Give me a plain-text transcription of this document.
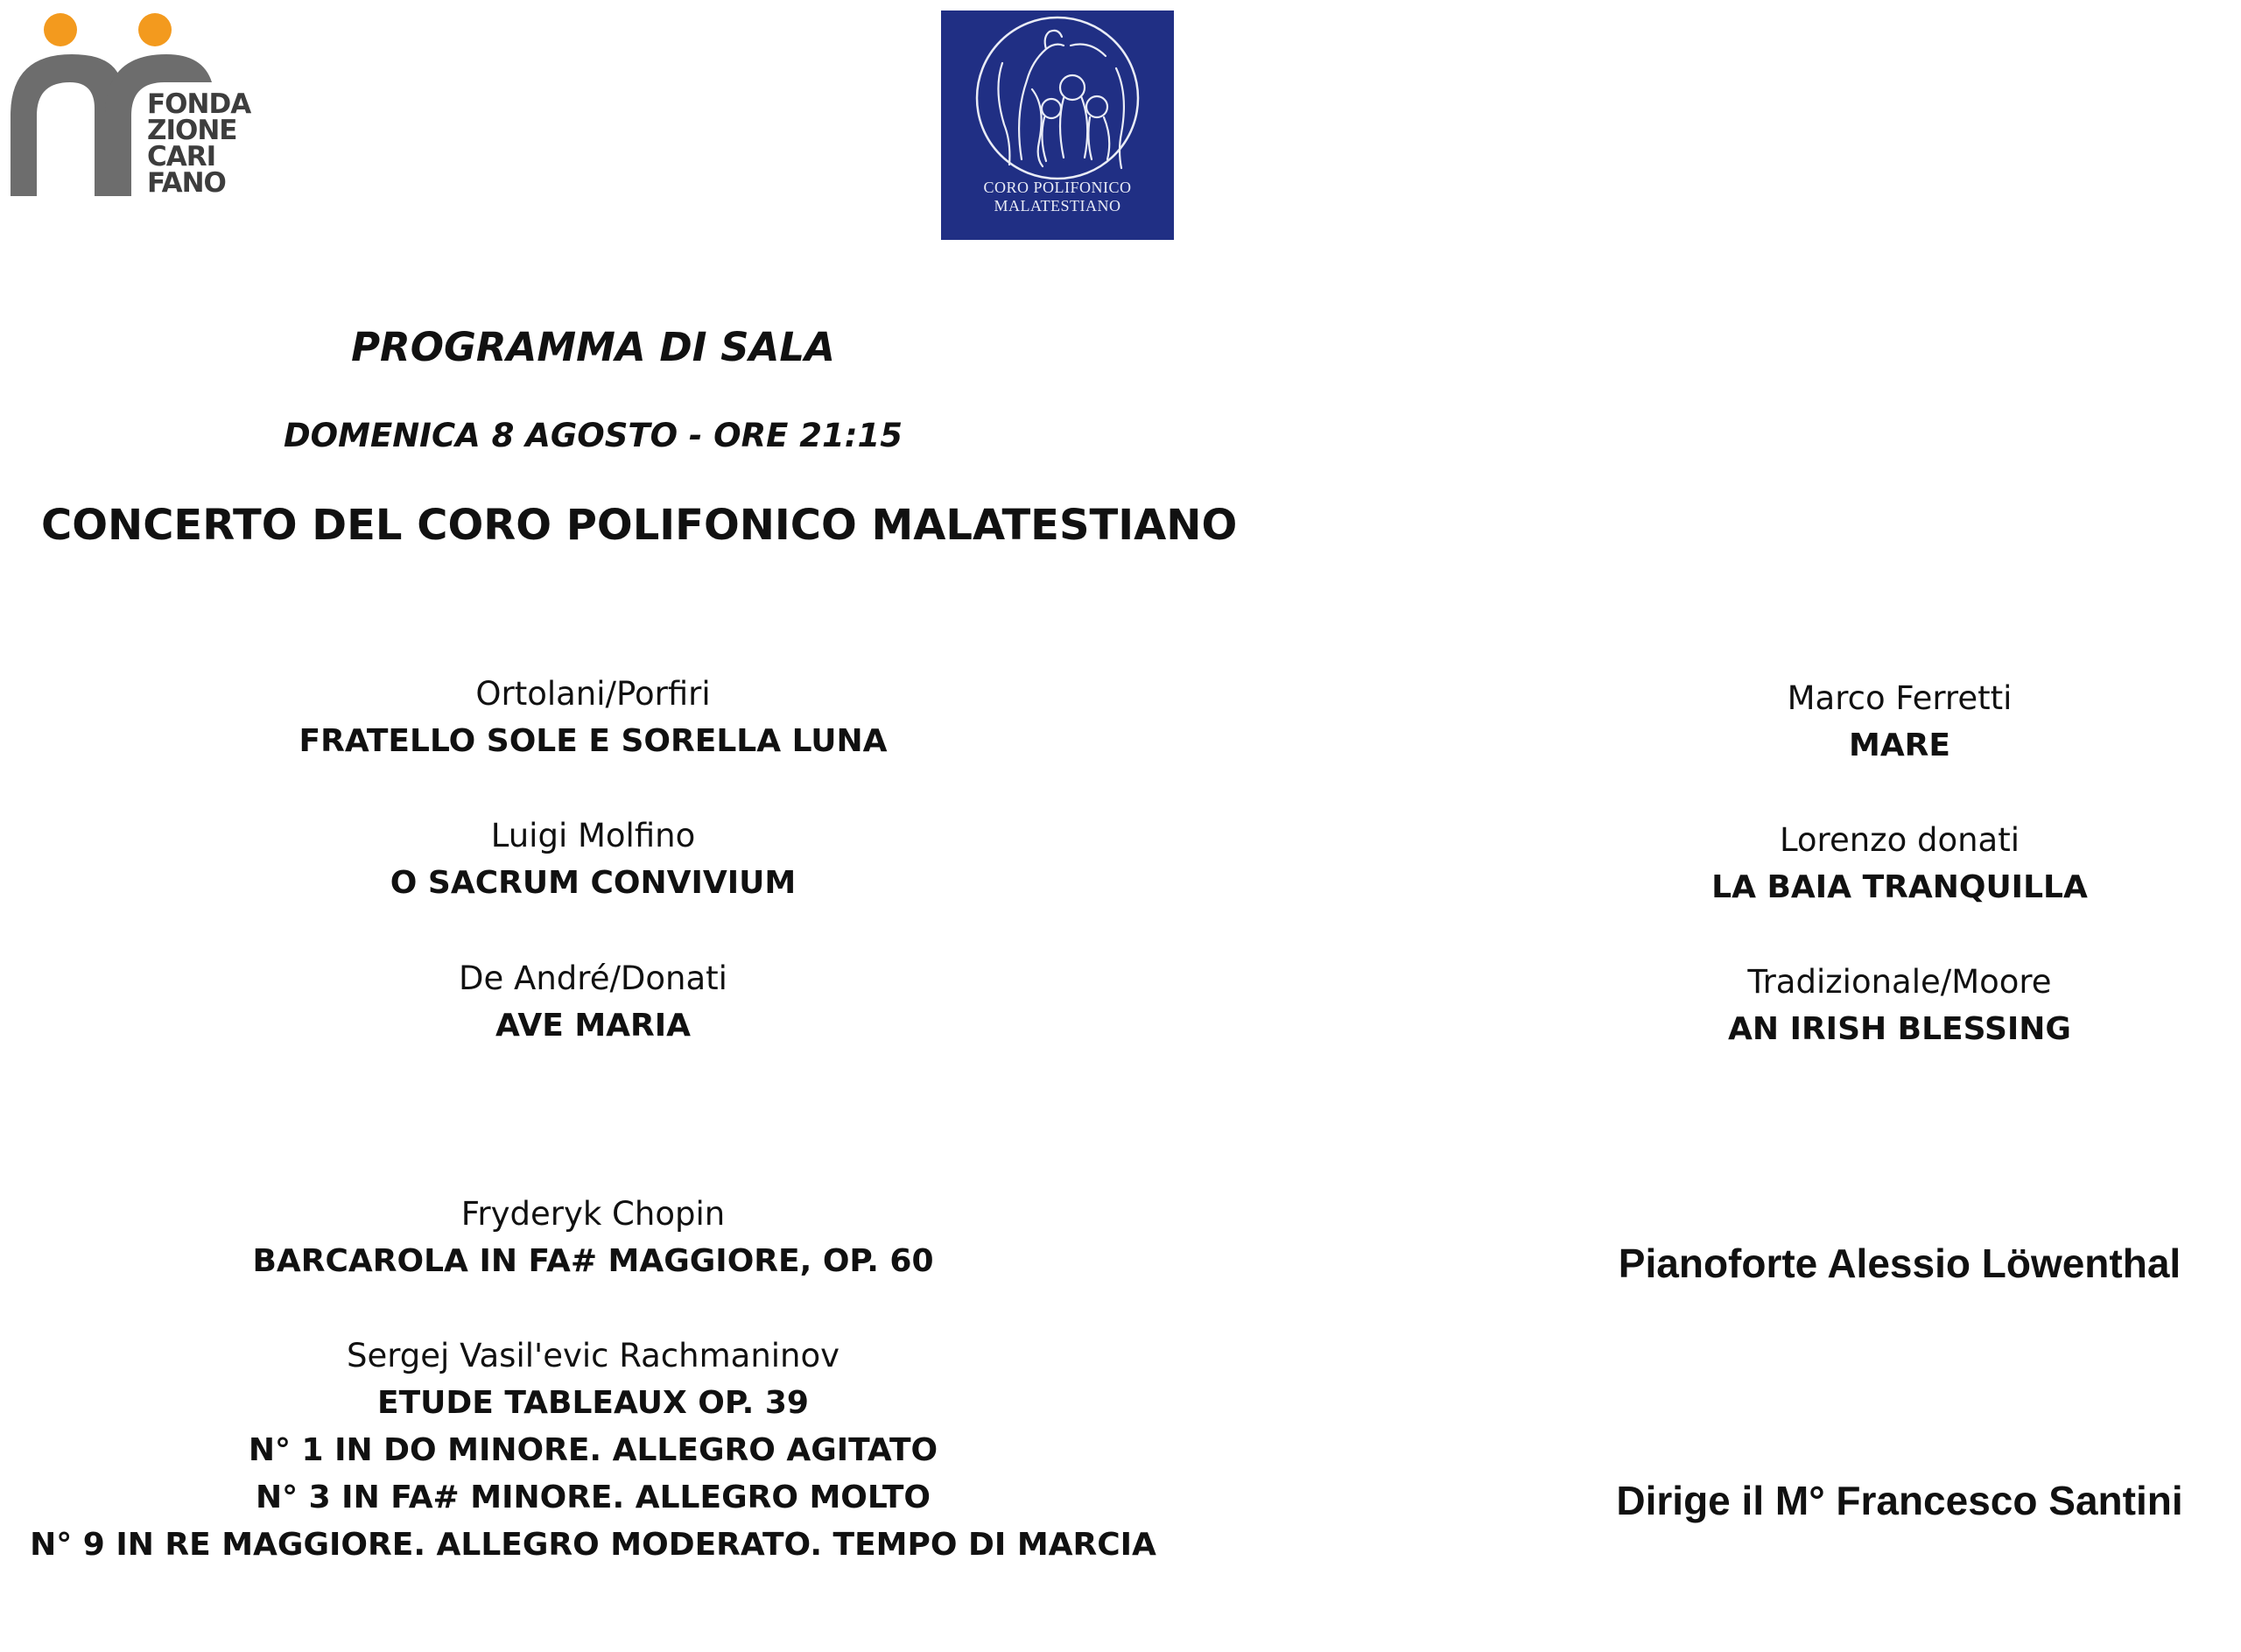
FONDA
ZIONE
CARI
FANO	CORO POLIFONICO
MALATESTIANO
PROGRAMMA DI SALA
DOMENICA 8 AGOSTO - ORE 21:15
CONCERTO DEL CORO POLIFONICO MALATESTIANO
Ortolani/Porfiri
FRATELLO SOLE E SORELLA LUNA
Luigi Molfino
O SACRUM CONVIVIUM
De André/Donati
AVE MARIA
Marco Ferretti
MARE
Lorenzo donati
LA BAIA TRANQUILLA
Tradizionale/Moore
AN IRISH BLESSING
Fryderyk Chopin
BARCAROLA IN FA# MAGGIORE, OP. 60
Sergej Vasil'evic Rachmaninov
ETUDE TABLEAUX OP. 39
N° 1 IN DO MINORE. ALLEGRO AGITATO
N° 3 IN FA# MINORE. ALLEGRO MOLTO
N° 9 IN RE MAGGIORE. ALLEGRO MODERATO. TEMPO DI MARCIA
Pianoforte Alessio Löwenthal
Dirige il M° Francesco Santini
